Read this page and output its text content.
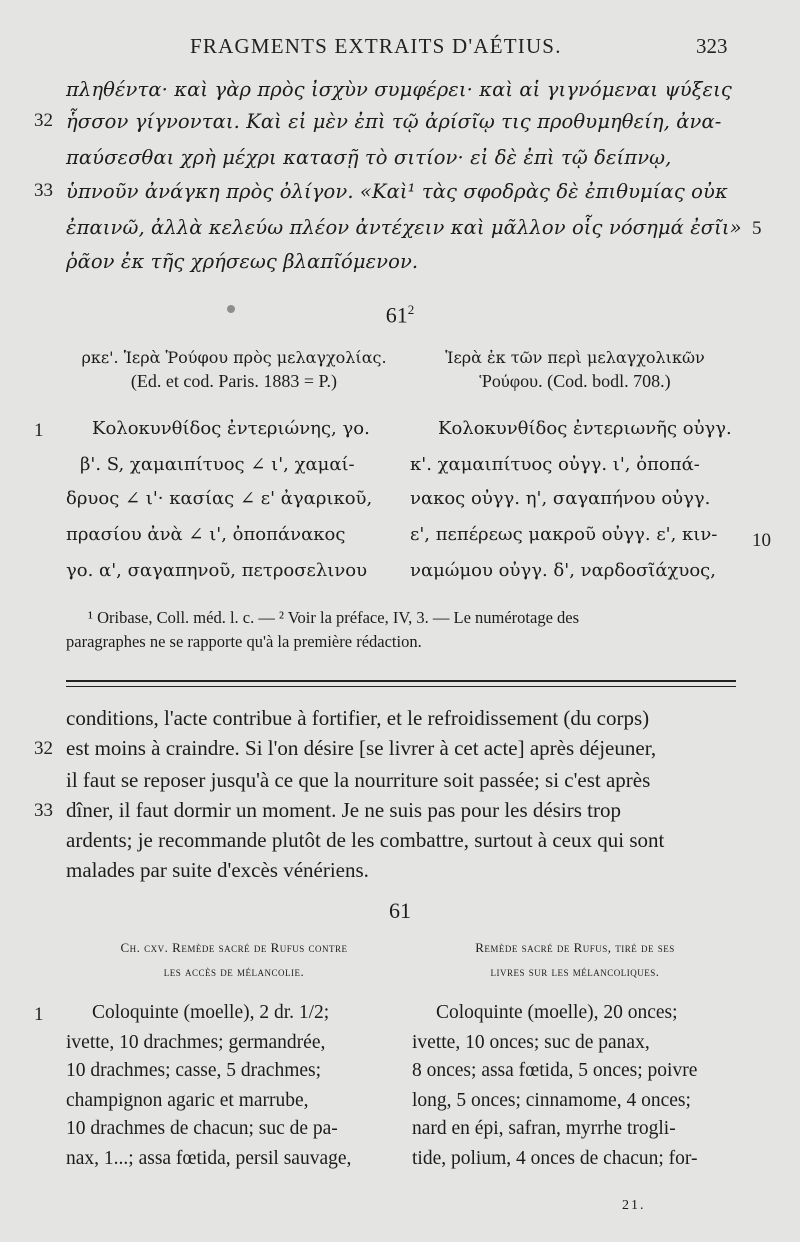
FRAGMENTS EXTRAITS D'AÉTIUS.	323
πληθέντα· καὶ γὰρ πρὸς ἰσχὺν συμφέρει· καὶ αἱ γιγνόμεναι ψύξεις
ἧσσον γίγνονται. Καὶ εἰ μὲν ἐπὶ τῷ ἀρίσῖῳ τις προθυμηθείη, ἀνα-
32
παύσεσθαι χρὴ μέχρι κατασῇ τὸ σιτίον· εἰ δὲ ἐπὶ τῷ δείπνῳ,
ὑπνοῦν ἀνάγκη πρὸς ὀλίγον. «Καὶ¹ τὰς σφοδρὰς δὲ ἐπιθυμίας οὐκ
33
ἐπαινῶ, ἀλλὰ κελεύω πλέον ἀντέχειν καὶ μᾶλλον οἷς νόσημά ἐσῖι» 5
ῥᾶον ἐκ τῆς χρήσεως βλαπῖόμενον.
$61^2$
ρκε'. Ἱερὰ Ῥούφου πρὸς μελαγχολίας.
(Ed. et cod. Paris. 1883 = P.)
Ἱερὰ ἐκ τῶν περὶ μελαγχολικῶν
Ῥούφου. (Cod. bodl. 708.)
1	Κολοκυνθίδος ἐντεριώνης, γο.
β'. S, χαμαιπίτυος ∠ ι', χαμαί-
δρυος ∠ ι'· κασίας ∠ ε' ἀγαρικοῦ,
πρασίου ἀνὰ ∠ ι', ὀποπάνακος
γο. α', σαγαπηνοῦ, πετροσελινου
Κολοκυνθίδος ἐντεριωνῆς οὐγγ.
κ'. χαμαιπίτυος οὐγγ. ι', ὀποπά-
νακος οὐγγ. η', σαγαπήνου οὐγγ.
ε', πεπέρεως μακροῦ οὐγγ. ε', κιν-
ναμώμου οὐγγ. δ', ναρδοσῖάχυος,
10
¹ Oribase, Coll. méd. l. c. — ² Voir la préface, IV, 3. — Le numérotage des
paragraphes ne se rapporte qu'à la première rédaction.
conditions, l'acte contribue à fortifier, et le refroidissement (du corps)
est moins à craindre. Si l'on désire [se livrer à cet acte] après déjeuner,
32
il faut se reposer jusqu'à ce que la nourriture soit passée; si c'est après
dîner, il faut dormir un moment. Je ne suis pas pour les désirs trop
33
ardents; je recommande plutôt de les combattre, surtout à ceux qui sont
malades par suite d'excès vénériens.
61
Ch. cxv. Remède sacré de Rufus contre
les accès de mélancolie.
Remède sacré de Rufus, tiré de ses
livres sur les mélancoliques.
1 Coloquinte (moelle), 2 dr. 1/2;
ivette, 10 drachmes; germandrée,
10 drachmes; casse, 5 drachmes;
champignon agaric et marrube,
10 drachmes de chacun; suc de pa-
nax, 1...; assa fœtida, persil sauvage,
Coloquinte (moelle), 20 onces;
ivette, 10 onces; suc de panax,
8 onces; assa fœtida, 5 onces; poivre
long, 5 onces; cinnamome, 4 onces;
nard en épi, safran, myrrhe trogli-
tide, polium, 4 onces de chacun; for-
21.
